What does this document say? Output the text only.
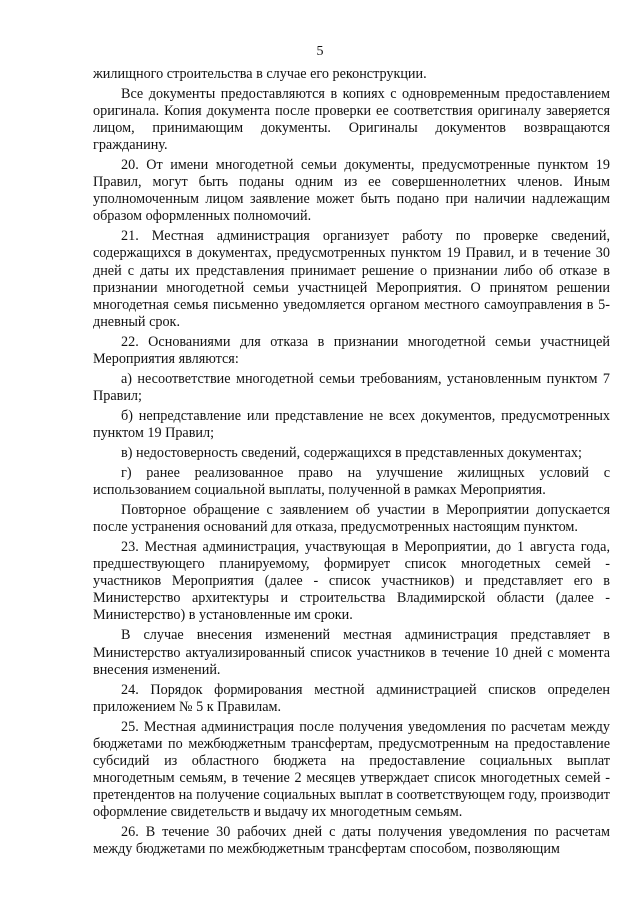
5

жилищного строительства в случае его реконструкции.

Все документы предоставляются в копиях с одновременным предоставлением оригинала. Копия документа после проверки ее соответствия оригиналу заверяется лицом, принимающим документы. Оригиналы документов возвращаются гражданину.

20. От имени многодетной семьи документы, предусмотренные пунктом 19 Правил, могут быть поданы одним из ее совершеннолетних членов. Иным уполномоченным лицом заявление может быть подано при наличии надлежащим образом оформленных полномочий.

21. Местная администрация организует работу по проверке сведений, содержащихся в документах, предусмотренных пунктом 19 Правил, и в течение 30 дней с даты их представления принимает решение о признании либо об отказе в признании многодетной семьи участницей Мероприятия. О принятом решении многодетная семья письменно уведомляется органом местного самоуправления в 5-дневный срок.

22. Основаниями для отказа в признании многодетной семьи участницей Мероприятия являются:

а) несоответствие многодетной семьи требованиям, установленным пунктом 7 Правил;

б) непредставление или представление не всех документов, предусмотренных пунктом 19 Правил;

в) недостоверность сведений, содержащихся в представленных документах;

г) ранее реализованное право на улучшение жилищных условий с использованием социальной выплаты, полученной в рамках Мероприятия.

Повторное обращение с заявлением об участии в Мероприятии допускается после устранения оснований для отказа, предусмотренных настоящим пунктом.

23. Местная администрация, участвующая в Мероприятии, до 1 августа года, предшествующего планируемому, формирует список многодетных семей - участников Мероприятия (далее - список участников) и представляет его в Министерство архитектуры и строительства Владимирской области (далее - Министерство) в установленные им сроки.

В случае внесения изменений местная администрация представляет в Министерство актуализированный список участников в течение 10 дней с момента внесения изменений.

24. Порядок формирования местной администрацией списков определен приложением № 5 к Правилам.

25. Местная администрация после получения уведомления по расчетам между бюджетами по межбюджетным трансфертам, предусмотренным на предоставление субсидий из областного бюджета на предоставление социальных выплат многодетным семьям, в течение 2 месяцев утверждает список многодетных семей - претендентов на получение социальных выплат в соответствующем году, производит оформление свидетельств и выдачу их многодетным семьям.

26. В течение 30 рабочих дней с даты получения уведомления по расчетам между бюджетами по межбюджетным трансфертам способом, позволяющим
